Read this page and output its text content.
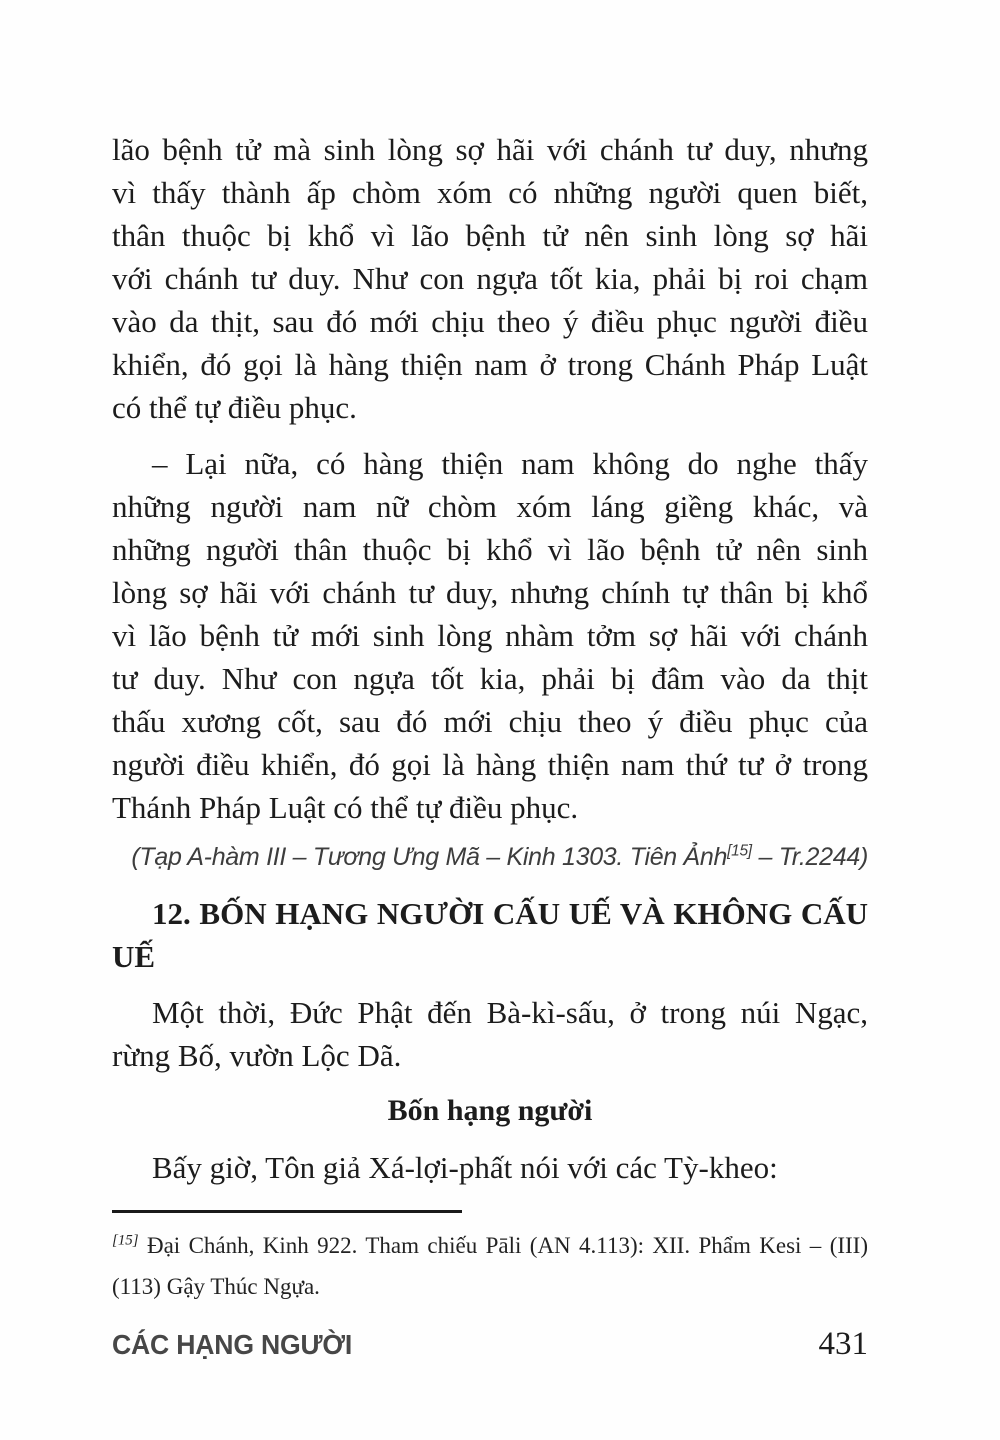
lão bệnh tử mà sinh lòng sợ hãi với chánh tư duy, nhưng
vì thấy thành ấp chòm xóm có những người quen biết,
thân thuộc bị khổ vì lão bệnh tử nên sinh lòng sợ hãi
với chánh tư duy. Như con ngựa tốt kia, phải bị roi chạm
vào da thịt, sau đó mới chịu theo ý điều phục người điều
khiển, đó gọi là hàng thiện nam ở trong Chánh Pháp Luật
có thể tự điều phục.
– Lại nữa, có hàng thiện nam không do nghe thấy
những người nam nữ chòm xóm láng giềng khác, và
những người thân thuộc bị khổ vì lão bệnh tử nên sinh
lòng sợ hãi với chánh tư duy, nhưng chính tự thân bị khổ
vì lão bệnh tử mới sinh lòng nhàm tởm sợ hãi với chánh
tư duy. Như con ngựa tốt kia, phải bị đâm vào da thịt
thấu xương cốt, sau đó mới chịu theo ý điều phục của
người điều khiển, đó gọi là hàng thiện nam thứ tư ở trong
Thánh Pháp Luật có thể tự điều phục.
(Tạp A-hàm III – Tương Ưng Mã – Kinh 1303. Tiên Ảnh[15] – Tr.2244)
12. BỐN HẠNG NGƯỜI CẤU UẾ VÀ KHÔNG CẤU
UẾ
Một thời, Đức Phật đến Bà-kì-sấu, ở trong núi Ngạc,
rừng Bố, vườn Lộc Dã.
Bốn hạng người
Bấy giờ, Tôn giả Xá-lợi-phất nói với các Tỳ-kheo:
[15] Đại Chánh, Kinh 922. Tham chiếu Pāli (AN 4.113): XII. Phẩm Kesi – (III)
(113) Gậy Thúc Ngựa.
CÁC HẠNG NGƯỜI	431
